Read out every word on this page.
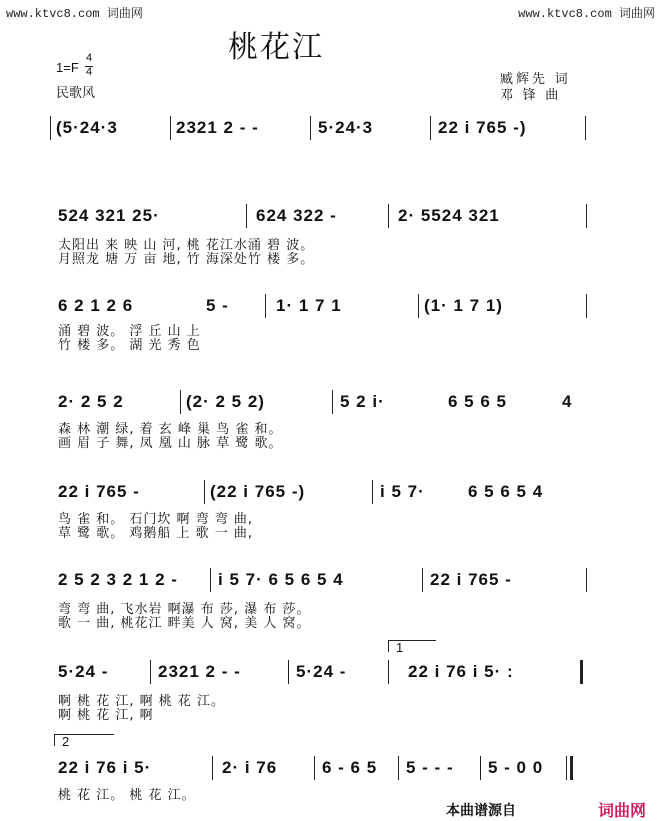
www.ktvc8.com 词曲网	www.ktvc8.com 词曲网
桃花江
1=F
4
4
民歌风
臧辉先 词
邓 锋 曲
(5·24·3	2321 2 - -	5·24·3	22 i 765 -)
524 321 25·	624 322 -	2· 5524 321
太阳出 来 映 山 河, 桃 花江水涌 碧 波。
月照龙 塘 万 亩 地, 竹 海深处竹 楼 多。
6 2 1 2 6	5 -	1· 1 7 1	(1· 1 7 1)
涌 碧 波。 浮 丘 山 上
竹 楼 多。 湖 光 秀 色
2· 2 5 2	(2· 2 5 2)	5 2 i·	6 5 6 5	4
森 林 潮 绿, 着 玄 峰 巢 鸟 雀 和。
画 眉 子 舞, 凤 凰 山 脉 草 鹭 歌。
22 i 765 -	(22 i 765 -)	i 5 7·	6 5 6 5 4
鸟 雀 和。 石门坎 啊 弯 弯 曲,
草 鹭 歌。 鸡鹅船 上 歌 一 曲,
2 5 2 3 2 1 2 - i 5 7· 6 5 6 5 4	22 i 765 -
弯 弯 曲, 飞水岩 啊瀑 布 莎, 瀑 布 莎。
歌 一 曲, 桃花江 畔美 人 窝, 美 人 窝。
1
5·24 -	2321 2 - -	5·24 -	22 i 76 i 5· :
啊 桃 花 江, 啊 桃 花 江。
啊 桃 花 江, 啊
2
22 i 76 i 5·	2· i 76	6 - 6 5 5 - - - 5 - 0 0
桃 花 江。 桃 花 江。
本曲谱源自	词曲网
